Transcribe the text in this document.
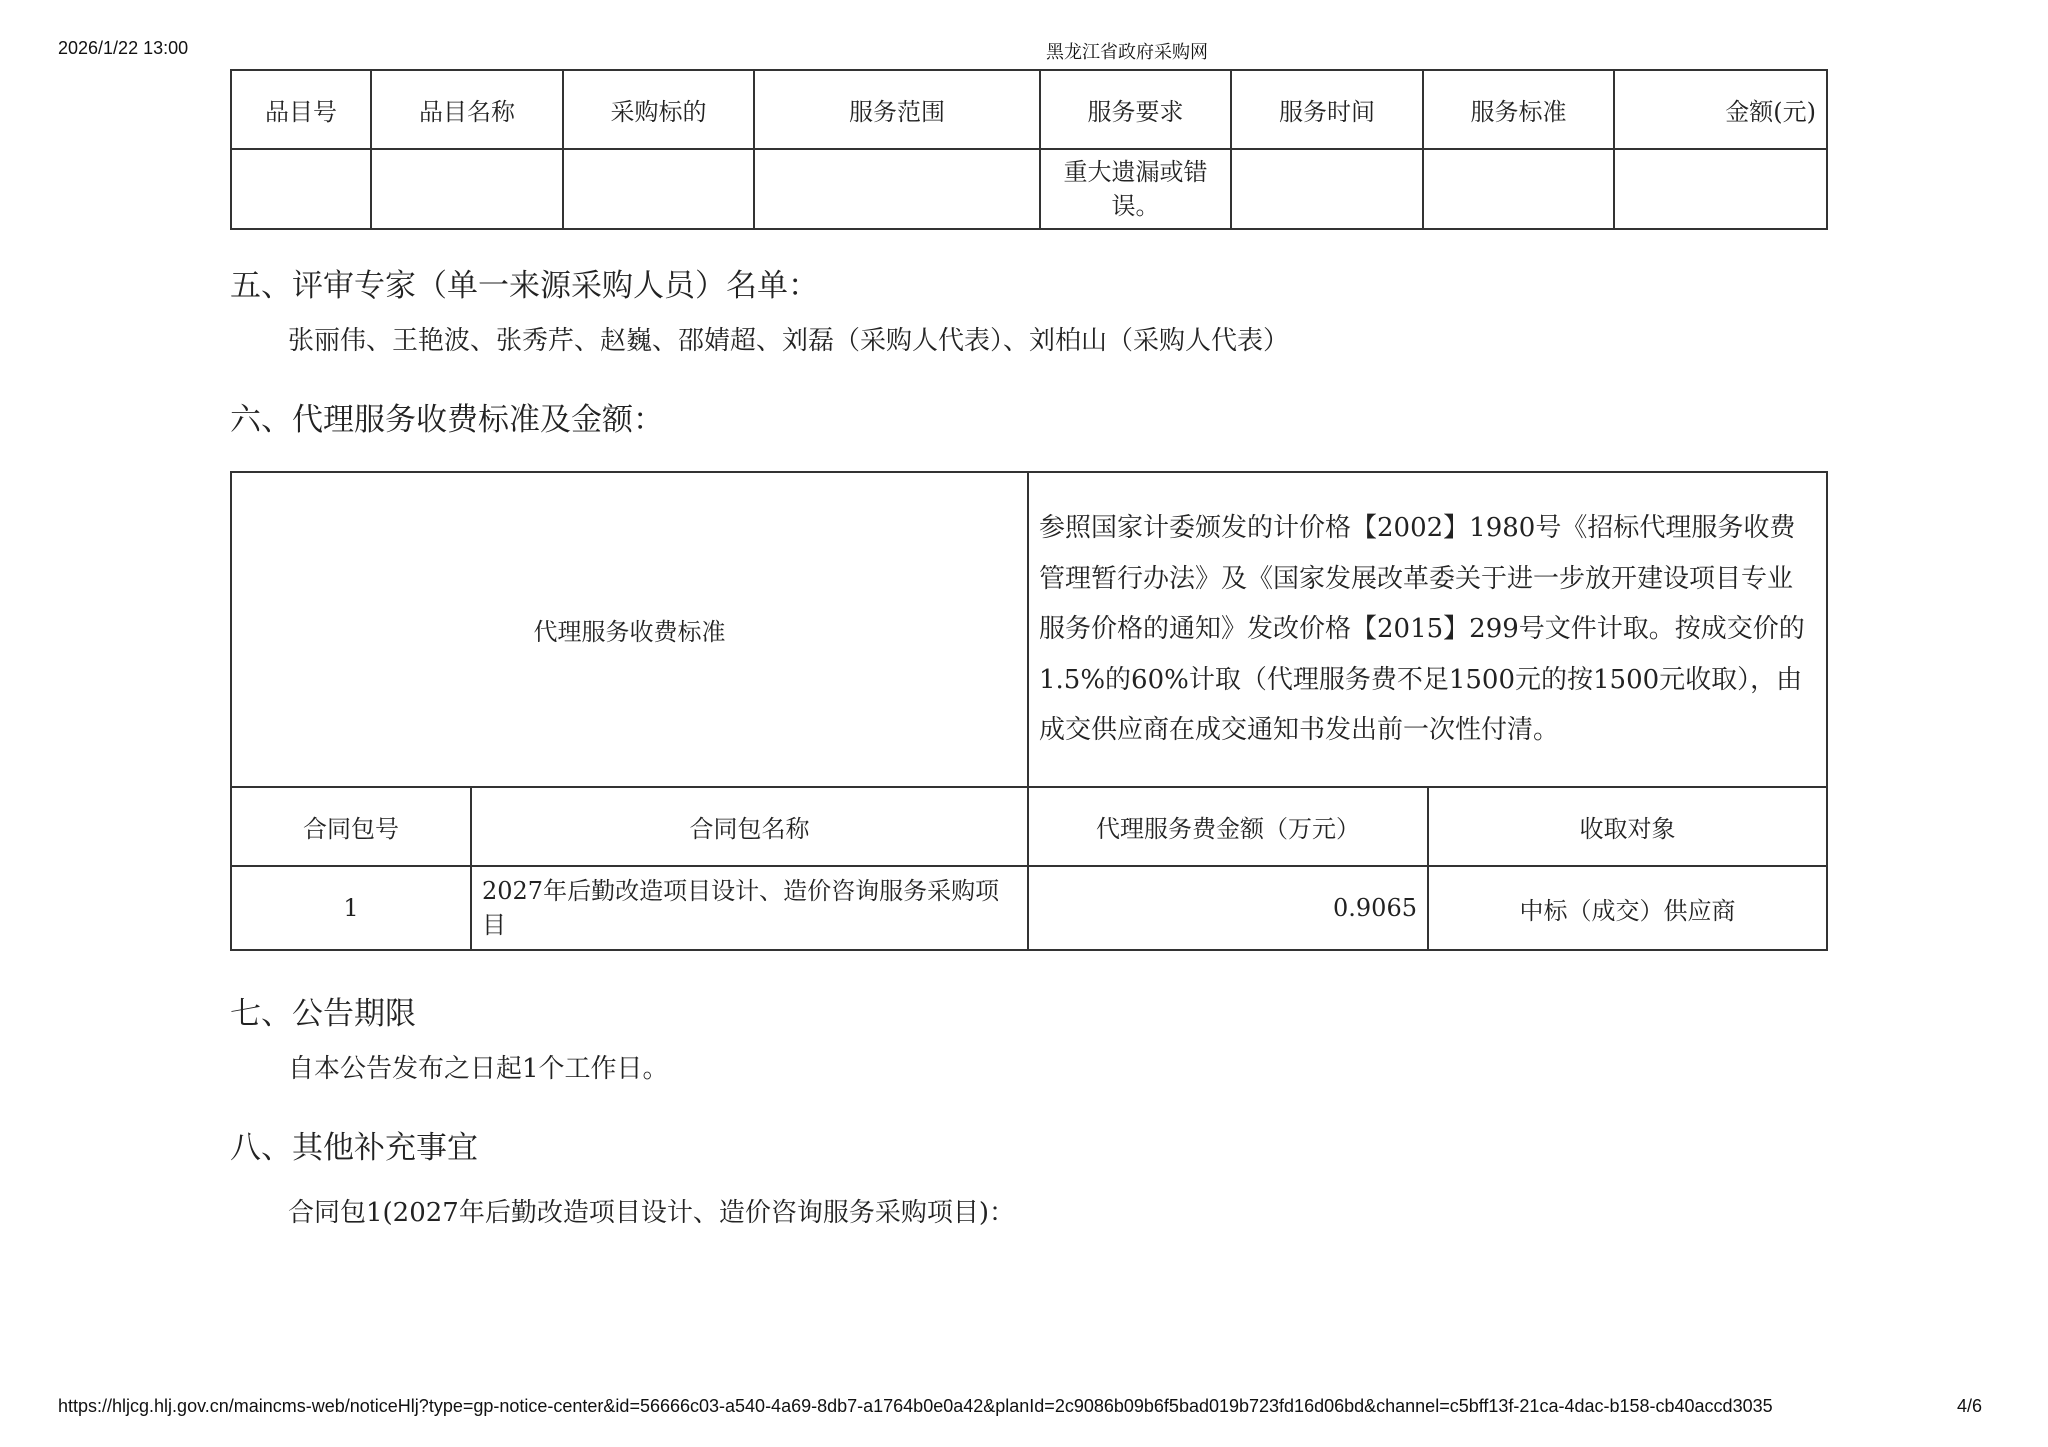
2026/1/22 13:00	黑龙江省政府采购网
品目号	品目名称	采购标的	服务范围	服务要求	服务时间	服务标准	金额(元)
				重大遗漏或错误。			
五、评审专家（单一来源采购人员）名单：

张丽伟、王艳波、张秀芹、赵巍、邵婧超、刘磊（采购人代表）、刘柏山（采购人代表）

六、代理服务收费标准及金额：
代理服务收费标准		参照国家计委颁发的计价格【2002】1980号《招标代理服务收费管理暂行办法》及《国家发展改革委关于进一步放开建设项目专业服务价格的通知》发改价格【2015】299号文件计取。按成交价的1.5%的60%计取（代理服务费不足1500元的按1500元收取），由成交供应商在成交通知书发出前一次性付清。	
合同包号	合同包名称	代理服务费金额（万元）	收取对象
1	2027年后勤改造项目设计、造价咨询服务采购项目	0.9065	中标（成交）供应商
七、公告期限

自本公告发布之日起1个工作日。

八、其他补充事宜

合同包1(2027年后勤改造项目设计、造价咨询服务采购项目)：

https://hljcg.hlj.gov.cn/maincms-web/noticeHlj?type=gp-notice-center&id=56666c03-a540-4a69-8db7-a1764b0e0a42&planId=2c9086b09b6f5bad019b723fd16d06bd&channel=c5bff13f-21ca-4dac-b158-cb40accd3035	4/6
